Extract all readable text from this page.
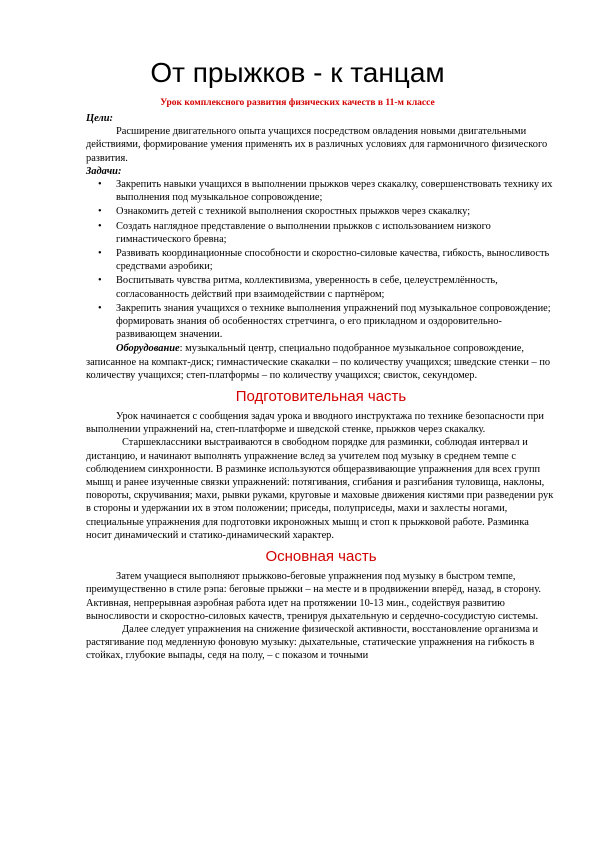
От прыжков - к танцам
Урок комплексного развития физических качеств в 11-м классе

Цели:

Расширение двигательного опыта учащихся посредством овладения новыми двигательными действиями, формирование умения применять их в различных условиях для гармоничного физического развития.

Задачи:

• Закрепить навыки учащихся в выполнении прыжков через скакалку, совершенствовать технику их выполнения под музыкальное сопровождение;
• Ознакомить детей с техникой выполнения скоростных прыжков через скакалку;
• Создать наглядное представление о выполнении прыжков с использованием низкого гимнастического бревна;
• Развивать координационные способности и скоростно-силовые качества, гибкость, выносливость средствами аэробики;
• Воспитывать чувства ритма, коллективизма, уверенность в себе, целеустремлённость, согласованность действий при взаимодействии с партнёром;
• Закрепить знания учащихся о технике выполнения упражнений под музыкальное сопровождение; формировать знания об особенностях стретчинга, о его прикладном и оздоровительно-развивающем значении.

Оборудование: музыкальный центр, специально подобранное музыкальное сопровождение, записанное на компакт-диск; гимнастические скакалки – по количеству учащихся; шведские стенки – по количеству учащихся; степ-платформы – по количеству учащихся; свисток, секундомер.

Подготовительная часть

Урок начинается с сообщения задач урока и вводного инструктажа по технике безопасности при выполнении упражнений на, степ-платформе и шведской стенке, прыжков через скакалку.

Старшеклассники выстраиваются в свободном порядке для разминки, соблюдая интервал и дистанцию, и начинают выполнять упражнение вслед за учителем под музыку в среднем темпе с соблюдением синхронности. В разминке используются общеразвивающие упражнения для всех групп мышц и ранее изученные связки упражнений: потягивания, сгибания и разгибания туловища, наклоны, повороты, скручивания; махи, рывки руками, круговые и маховые движения кистями при разведении рук в стороны и удержании их в этом положении; приседы, полуприседы, махи и захлесты ногами, специальные упражнения для подготовки икроножных мышц и стоп к прыжковой работе. Разминка носит динамический и статико-динамический характер.

Основная часть

Затем учащиеся выполняют прыжково-беговые упражнения под музыку в быстром темпе, преимущественно в стиле рэпа: беговые прыжки – на месте и в продвижении вперёд, назад, в сторону. Активная, непрерывная аэробная работа идет на протяжении 10-13 мин., содействуя развитию выносливости и скоростно-силовых качеств, тренируя дыхательную и сердечно-сосудистую системы.

Далее следует упражнения на снижение физической активности, восстановление организма и растягивание под медленную фоновую музыку: дыхательные, статические упражнения на гибкость в стойках, глубокие выпады, седя на полу, – с показом и точными
